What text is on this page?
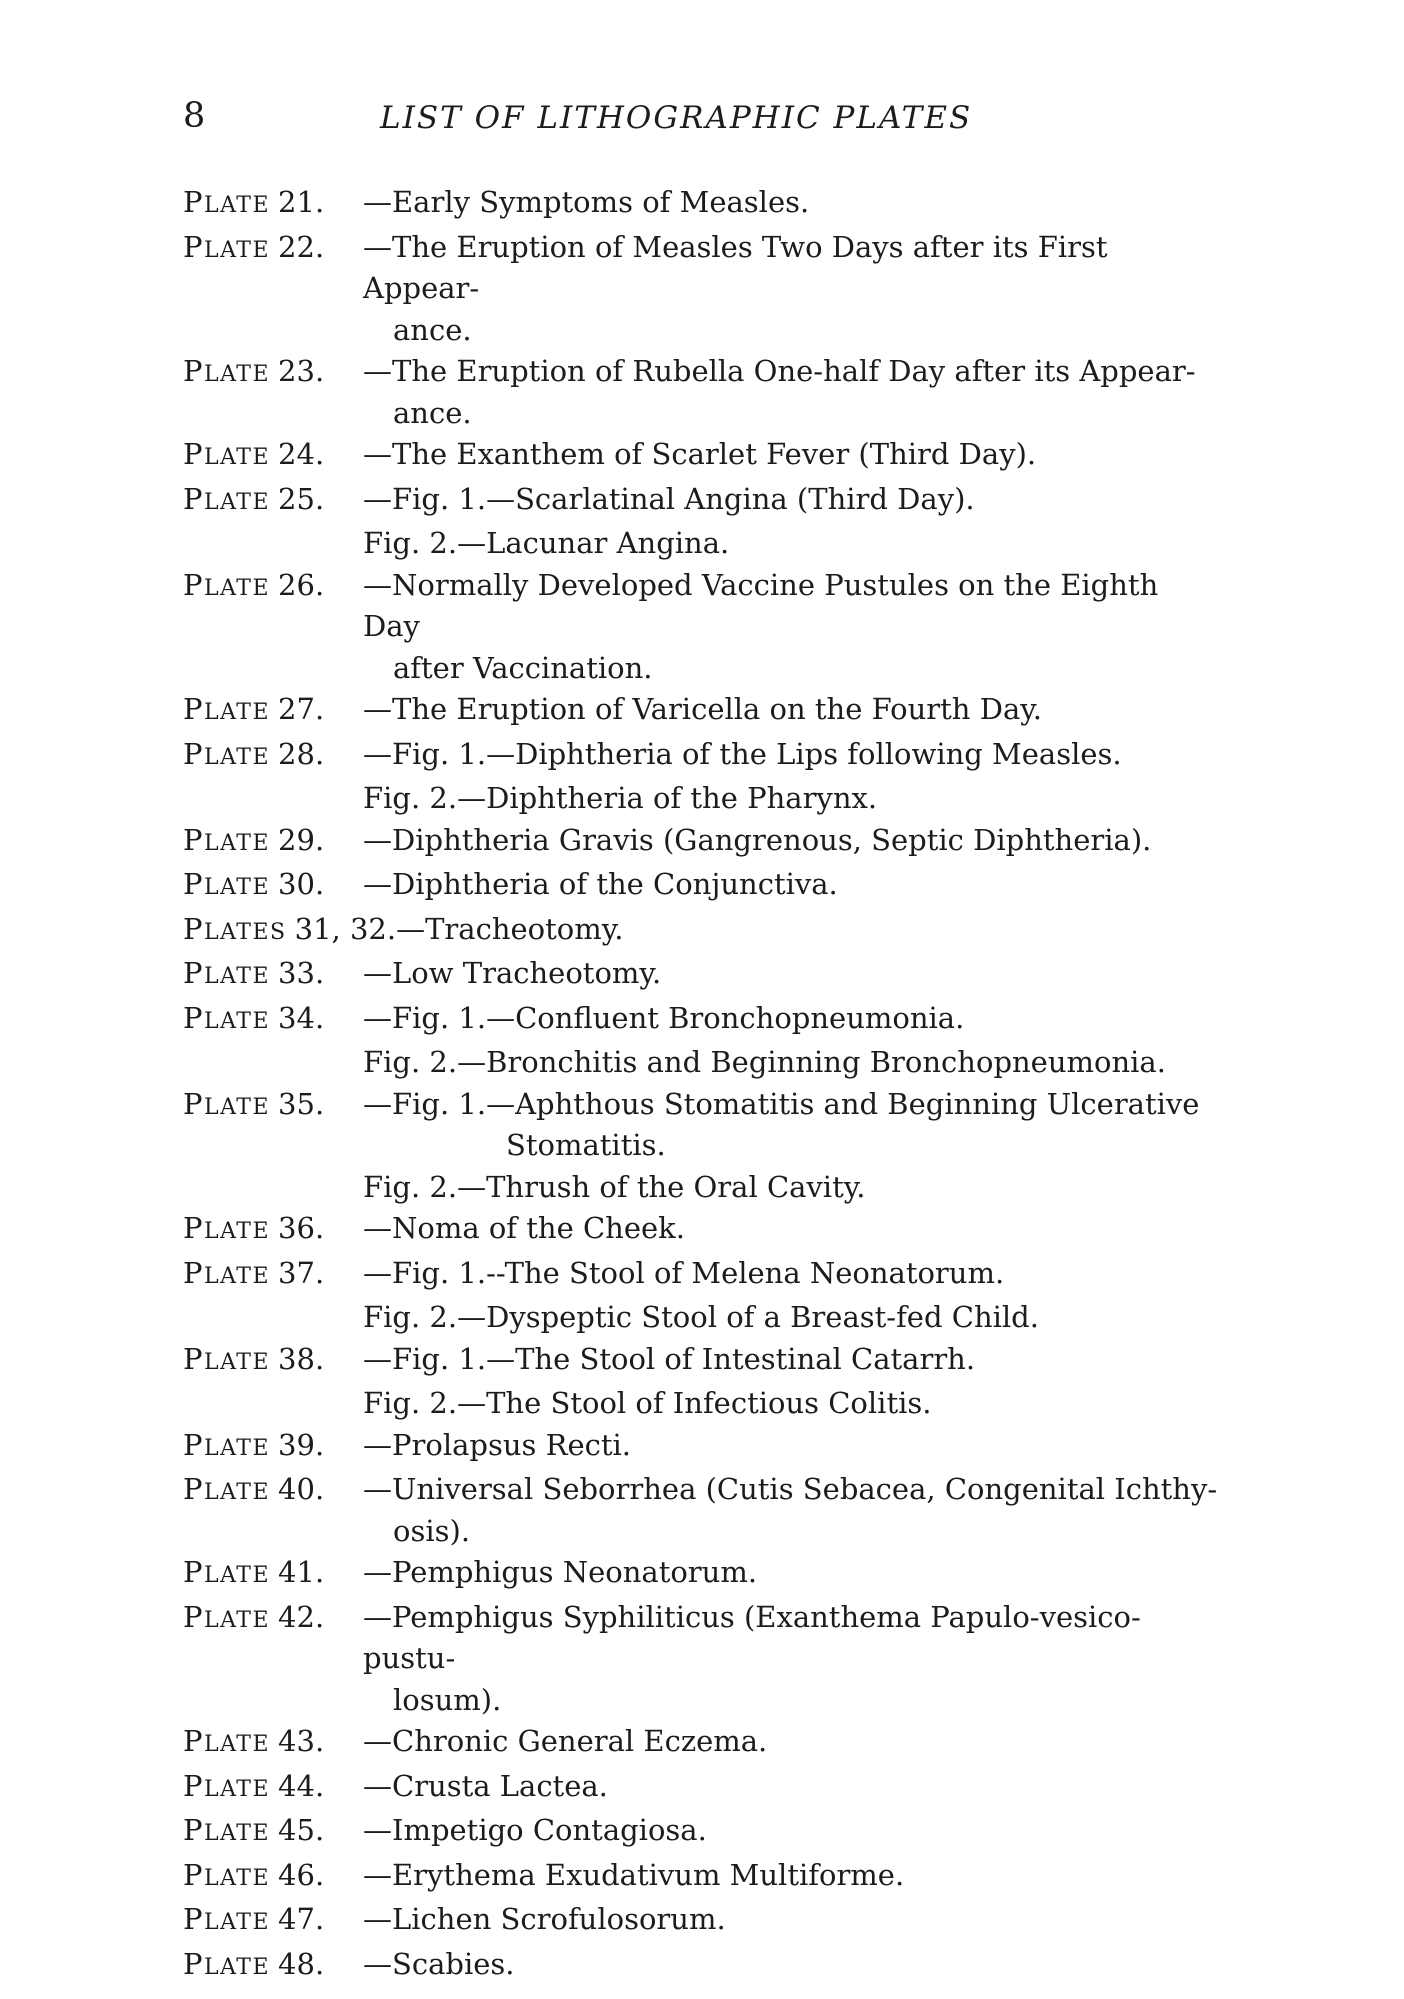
8	LIST OF LITHOGRAPHIC PLATES
PLATE 21.	—Early Symptoms of Measles.
PLATE 22.	—The Eruption of Measles Two Days after its First Appear-
ance.
PLATE 23.	—The Eruption of Rubella One-half Day after its Appear-
ance.
PLATE 24.	—The Exanthem of Scarlet Fever (Third Day).
PLATE 25.	—Fig. 1.—Scarlatinal Angina (Third Day).
Fig. 2.—Lacunar Angina.
PLATE 26.	—Normally Developed Vaccine Pustules on the Eighth Day
after Vaccination.
PLATE 27.	—The Eruption of Varicella on the Fourth Day.
PLATE 28.	—Fig. 1.—Diphtheria of the Lips following Measles.
Fig. 2.—Diphtheria of the Pharynx.
PLATE 29.	—Diphtheria Gravis (Gangrenous, Septic Diphtheria).
PLATE 30.	—Diphtheria of the Conjunctiva.
PLATES 31, 32. —Tracheotomy.
PLATE 33.	—Low Tracheotomy.
PLATE 34.	—Fig. 1.—Confluent Bronchopneumonia.
Fig. 2.—Bronchitis and Beginning Bronchopneumonia.
PLATE 35.	—Fig. 1.—Aphthous Stomatitis and Beginning Ulcerative
Stomatitis.
Fig. 2.—Thrush of the Oral Cavity.
PLATE 36.	—Noma of the Cheek.
PLATE 37.	—Fig. 1.--The Stool of Melena Neonatorum.
Fig. 2.—Dyspeptic Stool of a Breast-fed Child.
PLATE 38.	—Fig. 1.—The Stool of Intestinal Catarrh.
Fig. 2.—The Stool of Infectious Colitis.
PLATE 39.	—Prolapsus Recti.
PLATE 40.	—Universal Seborrhea (Cutis Sebacea, Congenital Ichthy-
osis).
PLATE 41.	—Pemphigus Neonatorum.
PLATE 42.	—Pemphigus Syphiliticus (Exanthema Papulo-vesico-pustu-
losum).
PLATE 43.	—Chronic General Eczema.
PLATE 44.	—Crusta Lactea.
PLATE 45.	—Impetigo Contagiosa.
PLATE 46.	—Erythema Exudativum Multiforme.
PLATE 47.	—Lichen Scrofulosorum.
PLATE 48.	—Scabies.
